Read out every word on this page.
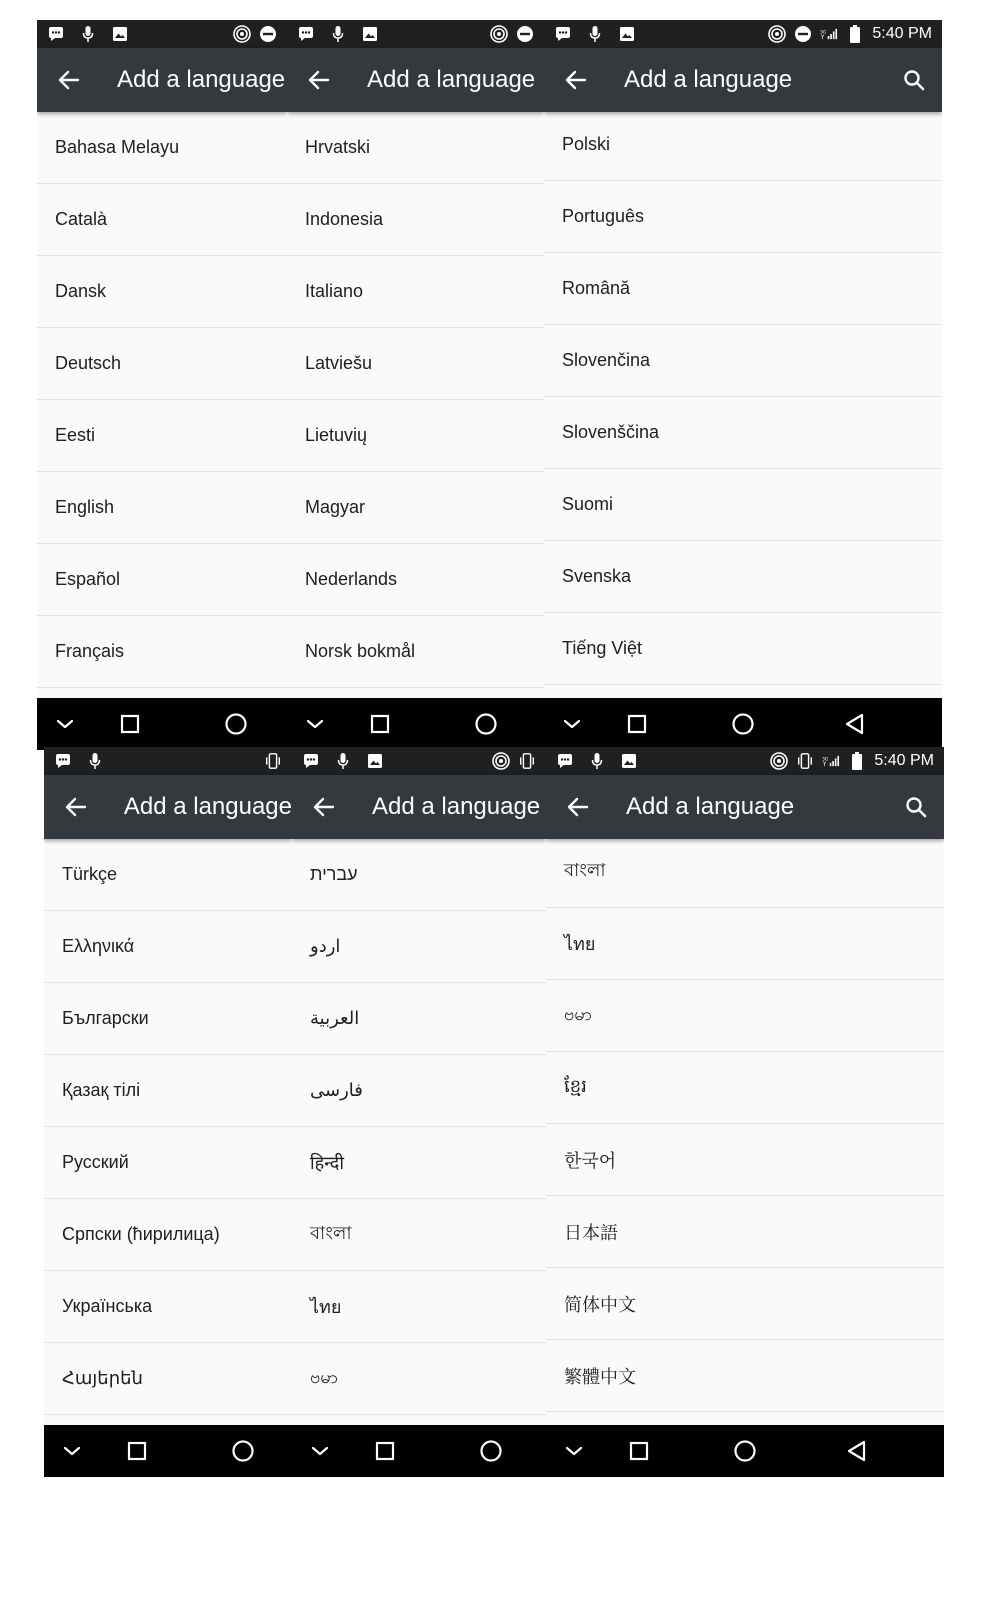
Add a language
Bahasa Melayu
Català
Dansk
Deutsch
Eesti
English
Español
Français
Add a language
Hrvatski
Indonesia
Italiano
Latviešu
Lietuvių
Magyar
Nederlands
Norsk bokmål
3G	5:40 PM
Add a language
Polski
Português
Română
Slovenčina
Slovenščina
Suomi
Svenska
Tiếng Việt
Add a language
Türkçe
Ελληνικά
Български
Қазақ тілі
Русский
Српски (ћирилица)
Українська
Հայերեն
Add a language
עברית
اردو
العربية
فارسی
हिन्दी
বাংলা
ไทย
ဗမာ
3G	5:40 PM
Add a language
বাংলা
ไทย
ဗမာ
ខ្មែរ
한국어
日本語
简体中文
繁體中文
